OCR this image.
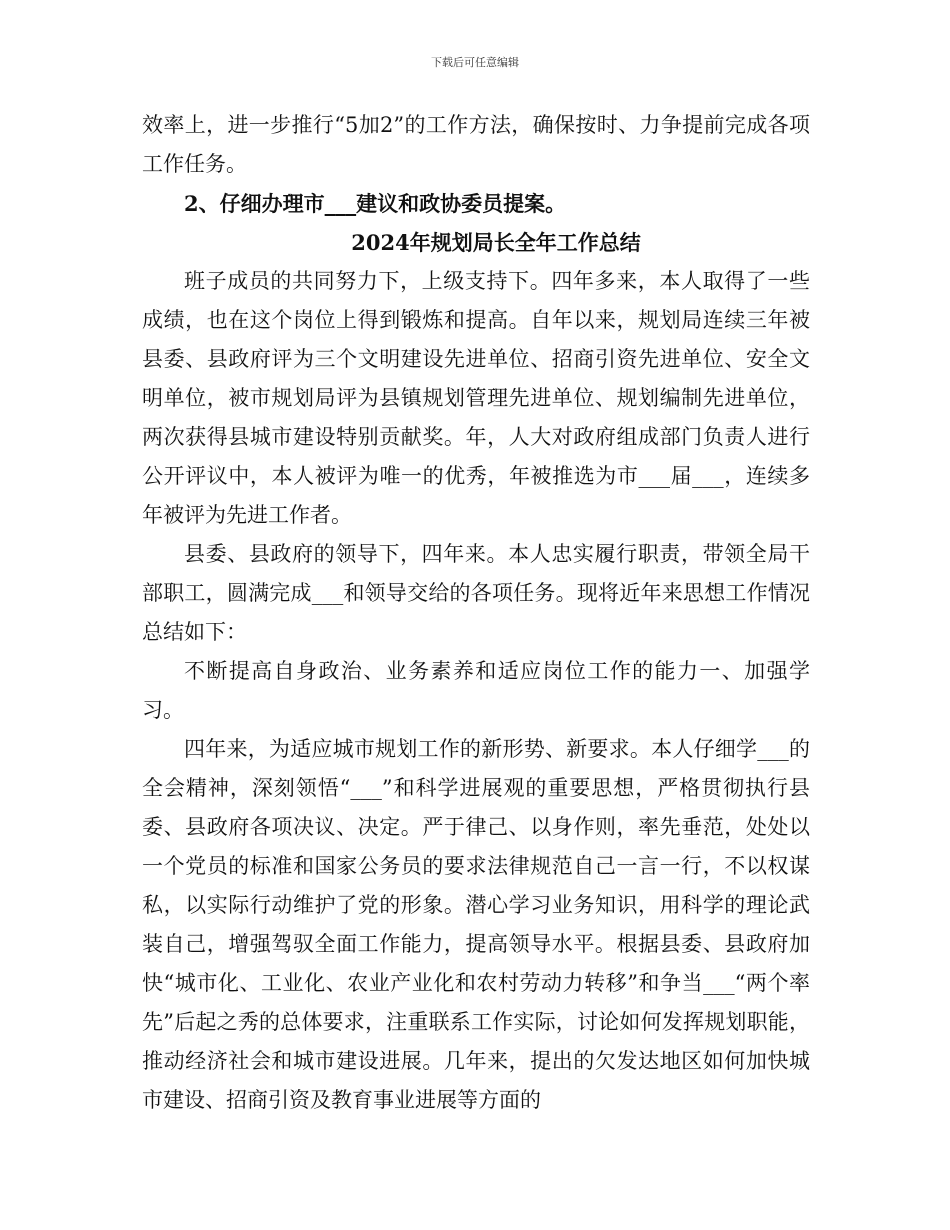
下载后可任意编辑

效率上，进一步推行“5加2”的工作方法，确保按时、力争提前完成各项工作任务。

2、仔细办理市___建议和政协委员提案。

2024年规划局长全年工作总结

班子成员的共同努力下，上级支持下。四年多来，本人取得了一些成绩，也在这个岗位上得到锻炼和提高。自年以来，规划局连续三年被县委、县政府评为三个文明建设先进单位、招商引资先进单位、安全文明单位，被市规划局评为县镇规划管理先进单位、规划编制先进单位，两次获得县城市建设特别贡献奖。年，人大对政府组成部门负责人进行公开评议中，本人被评为唯一的优秀，年被推选为市___届___，连续多年被评为先进工作者。

县委、县政府的领导下，四年来。本人忠实履行职责，带领全局干部职工，圆满完成___和领导交给的各项任务。现将近年来思想工作情况总结如下：

不断提高自身政治、业务素养和适应岗位工作的能力一、加强学习。

四年来，为适应城市规划工作的新形势、新要求。本人仔细学___的全会精神，深刻领悟“___”和科学进展观的重要思想，严格贯彻执行县委、县政府各项决议、决定。严于律己、以身作则，率先垂范，处处以一个党员的标准和国家公务员的要求法律规范自己一言一行，不以权谋私，以实际行动维护了党的形象。潜心学习业务知识，用科学的理论武装自己，增强驾驭全面工作能力，提高领导水平。根据县委、县政府加快“城市化、工业化、农业产业化和农村劳动力转移”和争当___“两个率先”后起之秀的总体要求，注重联系工作实际，讨论如何发挥规划职能，推动经济社会和城市建设进展。几年来，提出的欠发达地区如何加快城市建设、招商引资及教育事业进展等方面的
